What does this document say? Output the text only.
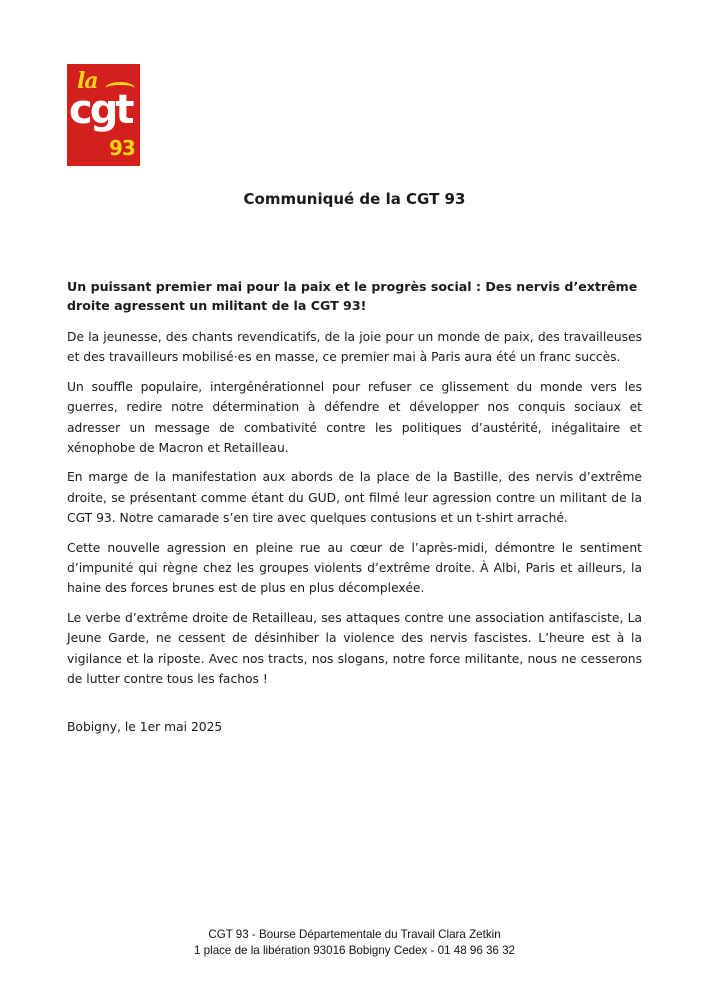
la
cgt
93
Communiqué de la CGT 93

Un puissant premier mai pour la paix et le progrès social : Des nervis d’extrême droite agressent un militant de la CGT 93!

De la jeunesse, des chants revendicatifs, de la joie pour un monde de paix, des travailleuses et des travailleurs mobilisé·es en masse, ce premier mai à Paris aura été un franc succès.

Un souffle populaire, intergénérationnel pour refuser ce glissement du monde vers les guerres, redire notre détermination à défendre et développer nos conquis sociaux et adresser un message de combativité contre les politiques d’austérité, inégalitaire et xénophobe de Macron et Retailleau.

En marge de la manifestation aux abords de la place de la Bastille, des nervis d’extrême droite, se présentant comme étant du GUD, ont filmé leur agression contre un militant de la CGT 93. Notre camarade s’en tire avec quelques contusions et un t-shirt arraché.

Cette nouvelle agression en pleine rue au cœur de l’après-midi, démontre le sentiment d’impunité qui règne chez les groupes violents d’extrême droite. À Albi, Paris et ailleurs, la haine des forces brunes est de plus en plus décomplexée.

Le verbe d’extrême droite de Retailleau, ses attaques contre une association antifasciste, La Jeune Garde, ne cessent de désinhiber la violence des nervis fascistes. L’heure est à la vigilance et la riposte. Avec nos tracts, nos slogans, notre force militante, nous ne cesserons de lutter contre tous les fachos !

Bobigny, le 1er mai 2025
CGT 93 - Bourse Départementale du Travail Clara Zetkin
1 place de la libération 93016 Bobigny Cedex - 01 48 96 36 32
